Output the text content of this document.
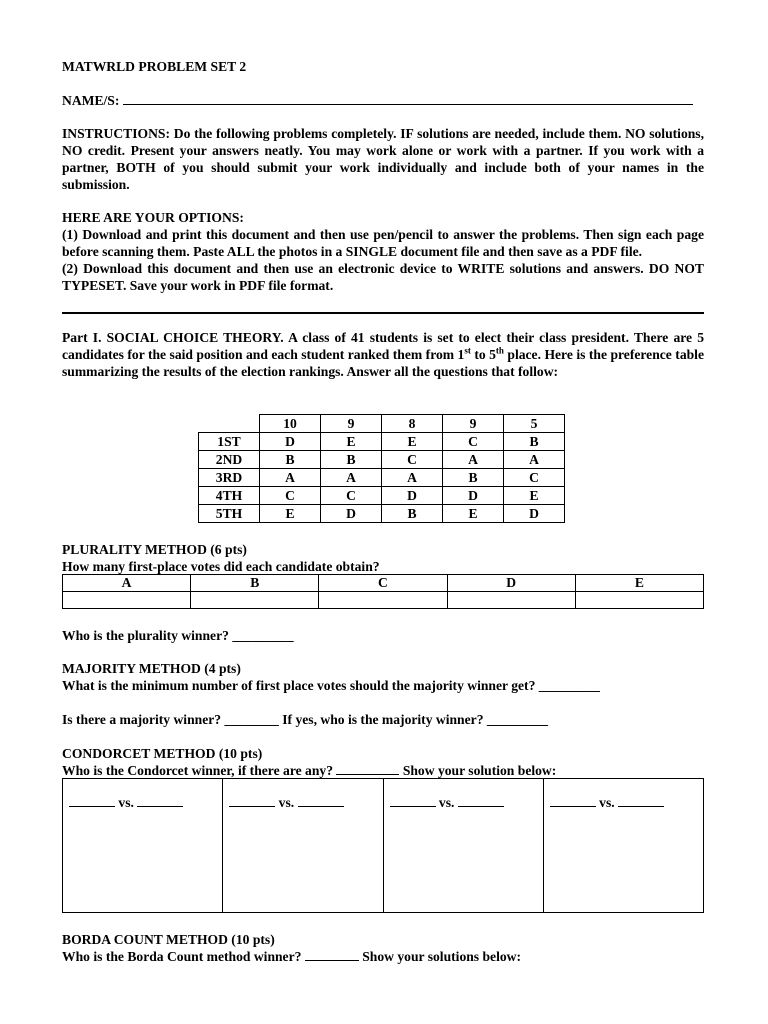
MATWRLD PROBLEM SET 2
NAME/S:
INSTRUCTIONS: Do the following problems completely. IF solutions are needed, include them. NO solutions, NO credit. Present your answers neatly. You may work alone or work with a partner. If you work with a partner, BOTH of you should submit your work individually and include both of your names in the submission.
HERE ARE YOUR OPTIONS:
(1) Download and print this document and then use pen/pencil to answer the problems. Then sign each page before scanning them. Paste ALL the photos in a SINGLE document file and then save as a PDF file.
(2) Download this document and then use an electronic device to WRITE solutions and answers. DO NOT TYPESET. Save your work in PDF file format.
Part I. SOCIAL CHOICE THEORY. A class of 41 students is set to elect their class president. There are 5 candidates for the said position and each student ranked them from 1st to 5th place. Here is the preference table summarizing the results of the election rankings. Answer all the questions that follow:
	10	9	8	9	5
1ST	D	E	E	C	B
2ND	B	B	C	A	A
3RD	A	A	A	B	C
4TH	C	C	D	D	E
5TH	E	D	B	E	D
PLURALITY METHOD (6 pts)
How many first-place votes did each candidate obtain?
A	B	C	D	E

Who is the plurality winner? _________
MAJORITY METHOD (4 pts)
What is the minimum number of first place votes should the majority winner get? _________
Is there a majority winner? ________ If yes, who is the majority winner? _________
CONDORCET METHOD (10 pts)
Who is the Condorcet winner, if there are any?	Show your solution below:
vs.	vs.	vs.	vs.
BORDA COUNT METHOD (10 pts)
Who is the Borda Count method winner?	Show your solutions below:
